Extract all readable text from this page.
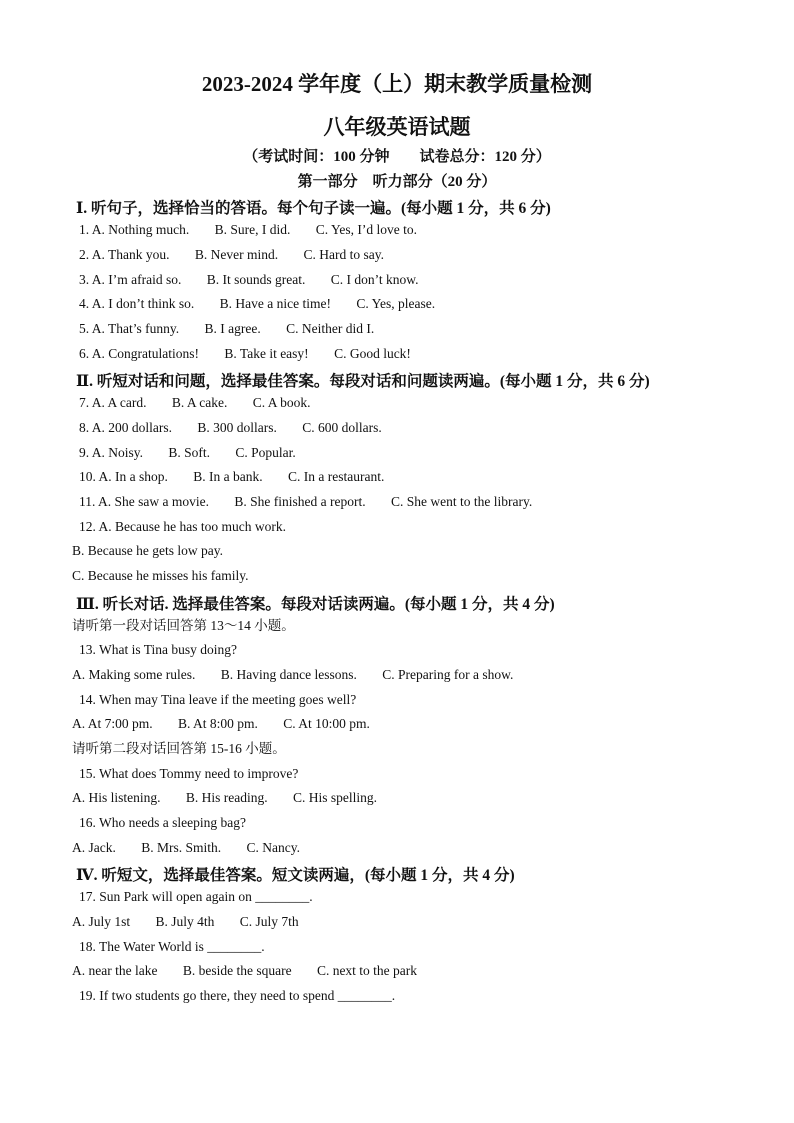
2023-2024 学年度（上）期末教学质量检测
八年级英语试题
（考试时间：100 分钟　　试卷总分：120 分）
第一部分　听力部分（20 分）
Ⅰ. 听句子，选择恰当的答语。每个句子读一遍。(每小题 1 分，共 6 分)
1. A. Nothing much. B. Sure, I did. C. Yes, I’d love to.
2. A. Thank you. B. Never mind. C. Hard to say.
3. A. I’m afraid so. B. It sounds great. C. I don’t know.
4. A. I don’t think so. B. Have a nice time! C. Yes, please.
5. A. That’s funny. B. I agree. C. Neither did I.
6. A. Congratulations! B. Take it easy! C. Good luck!
Ⅱ. 听短对话和问题，选择最佳答案。每段对话和问题读两遍。(每小题 1 分，共 6 分)
7. A. A card. B. A cake. C. A book.
8. A. 200 dollars. B. 300 dollars. C. 600 dollars.
9. A. Noisy. B. Soft. C. Popular.
10. A. In a shop. B. In a bank. C. In a restaurant.
11. A. She saw a movie. B. She finished a report. C. She went to the library.
12. A. Because he has too much work.
B. Because he gets low pay.
C. Because he misses his family.
Ⅲ. 听长对话. 选择最佳答案。每段对话读两遍。(每小题 1 分，共 4 分)
请听第一段对话回答第 13～14 小题。
13. What is Tina busy doing?
A. Making some rules. B. Having dance lessons. C. Preparing for a show.
14. When may Tina leave if the meeting goes well?
A. At 7:00 pm. B. At 8:00 pm. C. At 10:00 pm.
请听第二段对话回答第 15-16 小题。
15. What does Tommy need to improve?
A. His listening. B. His reading. C. His spelling.
16. Who needs a sleeping bag?
A. Jack. B. Mrs. Smith. C. Nancy.
Ⅳ. 听短文，选择最佳答案。短文读两遍，(每小题 1 分，共 4 分)
17. Sun Park will open again on ________.
A. July 1st B. July 4th C. July 7th
18. The Water World is ________.
A. near the lake B. beside the square C. next to the park
19. If two students go there, they need to spend ________.
